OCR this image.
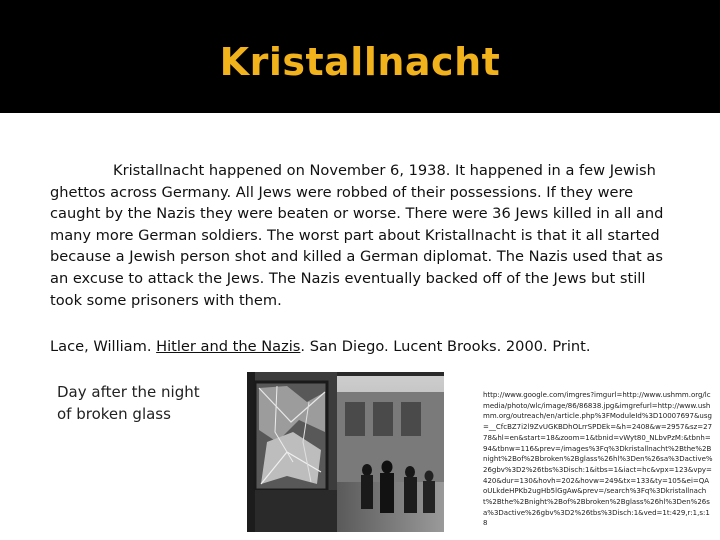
Kristallnacht

Kristallnacht happened on November 6, 1938. It happened in a few Jewish ghettos across Germany. All Jews were robbed of their possessions. If they were caught by the Nazis they were beaten or worse. There were 36 Jews killed in all and many more German soldiers. The worst part about Kristallnacht is that it all started because a Jewish person shot and killed a German diplomat. The Nazis used that as an excuse to attack the Jews. The Nazis eventually backed off of the Jews but still took some prisoners with them.

Lace, William. Hitler and the Nazis. San Diego. Lucent Brooks. 2000. Print.

Day after the night of broken glass
http://www.google.com/imgres?imgurl=http://www.ushmm.org/lcmedia/photo/wlc/image/86/86838.jpg&imgrefurl=http://www.ushmm.org/outreach/en/article.php%3FModuleId%3D10007697&usg=__CfcBZ7i2l9ZvUGKBDhOLrrSPDEk=&h=2408&w=2957&sz=2778&hl=en&start=18&zoom=1&tbnid=vWyt80_NLbvPzM:&tbnh=94&tbnw=116&prev=/images%3Fq%3Dkristallnacht%2Bthe%2Bnight%2Bof%2Bbroken%2Bglass%26hl%3Den%26sa%3Dactive%26gbv%3D2%26tbs%3Disch:1&itbs=1&iact=hc&vpx=123&vpy=420&dur=130&hovh=202&hovw=249&tx=133&ty=105&ei=QAoULkdeHPKb2ugHb5lGgAw&prev=/search%3Fq%3Dkristallnacht%2Bthe%2Bnight%2Bof%2Bbroken%2Bglass%26hl%3Den%26sa%3Dactive%26gbv%3D2%26tbs%3Disch:1&ved=1t:429,r:1,s:18
